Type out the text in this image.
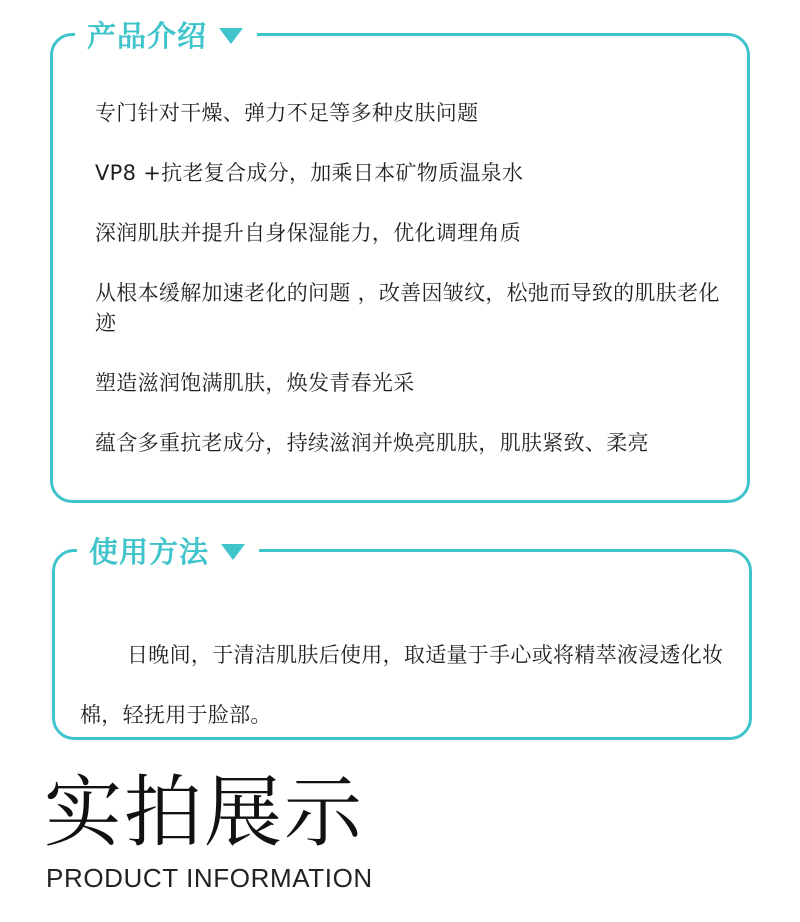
产品介绍

专门针对干燥、弹力不足等多种皮肤问题

VP8 +抗老复合成分，加乘日本矿物质温泉水

深润肌肤并提升自身保湿能力，优化调理角质

从根本缓解加速老化的问题 ，改善因皱纹，松弛而导致的肌肤老化迹

塑造滋润饱满肌肤，焕发青春光采

蕴含多重抗老成分，持续滋润并焕亮肌肤，肌肤紧致、柔亮

使用方法

日晚间，于清洁肌肤后使用，取适量于手心或将精萃液浸透化妆棉，轻抚用于脸部。

实拍展示
PRODUCT INFORMATION
